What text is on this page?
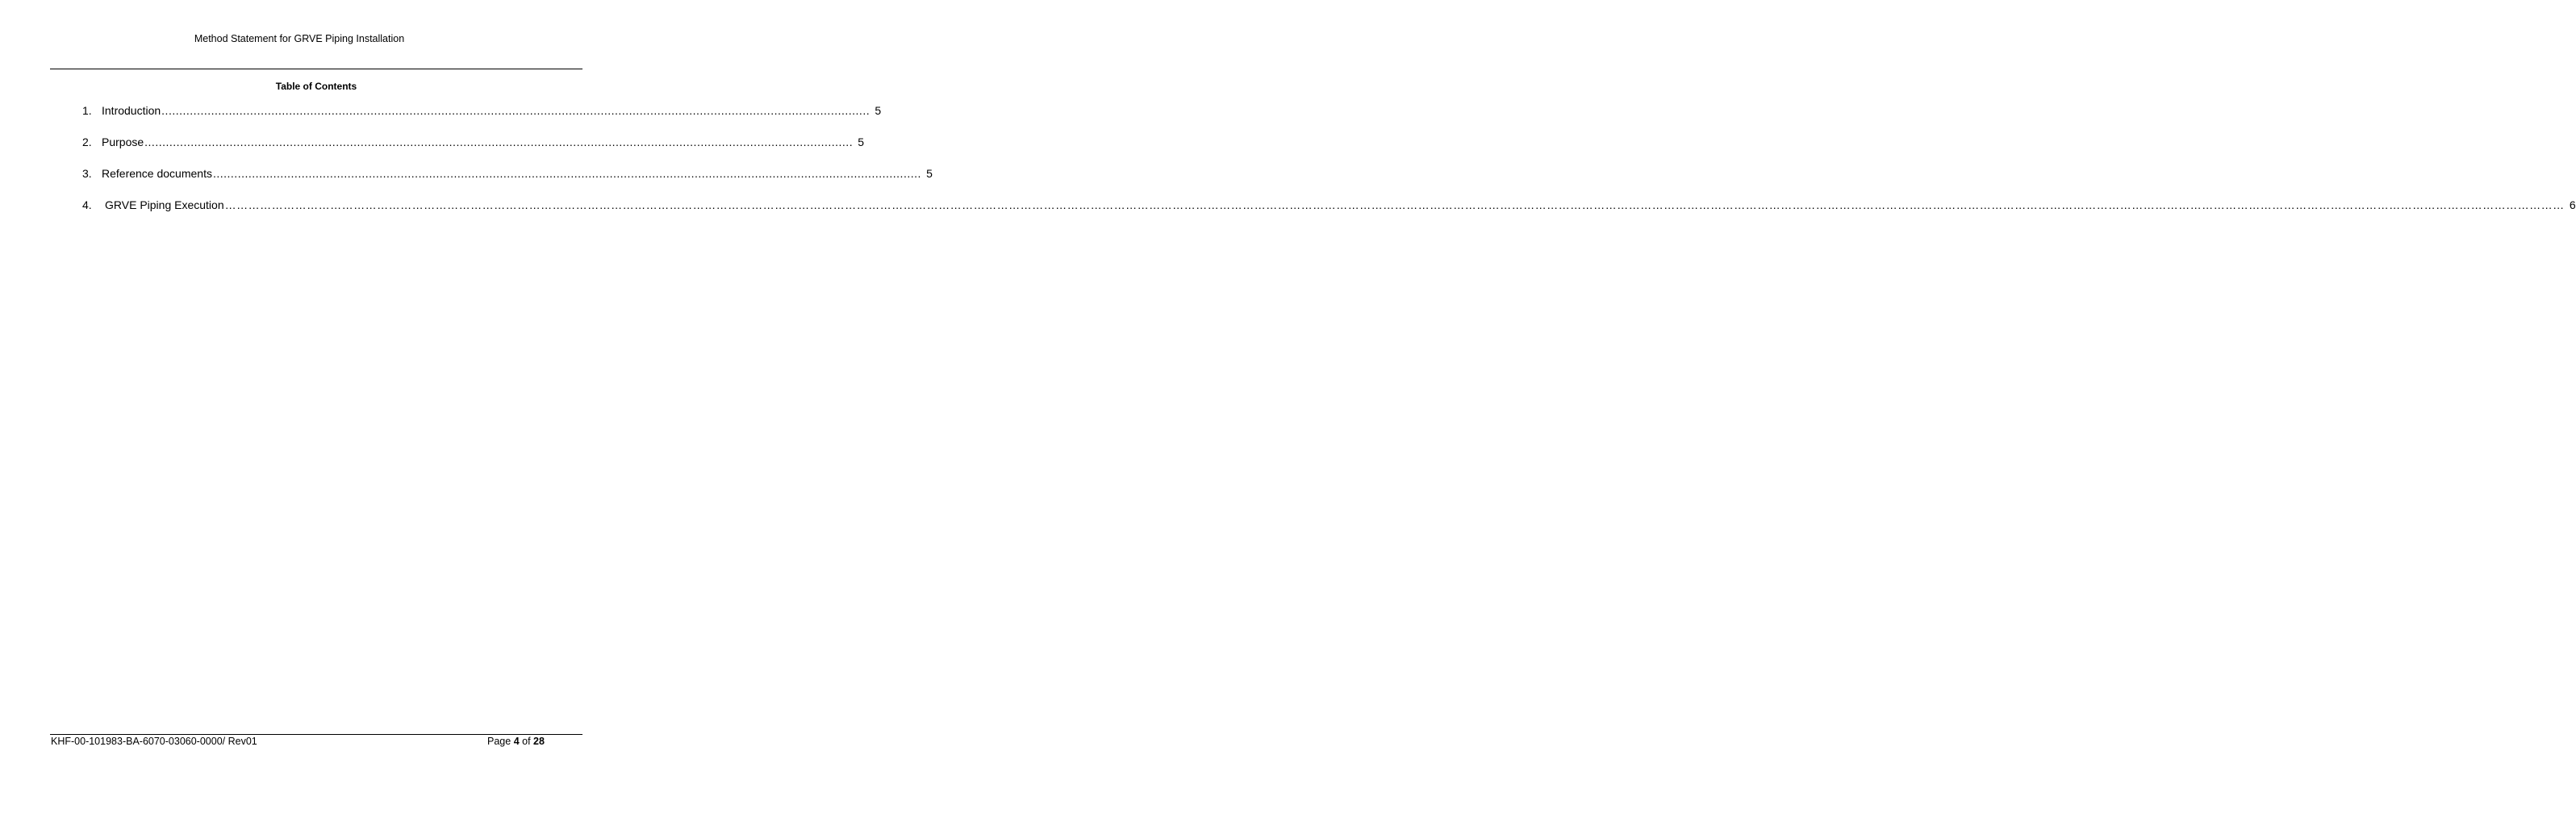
Method Statement for GRVE Piping Installation
Table of Contents
1. Introduction ........................................................................................................................................................................................................ 5
2. Purpose ........................................................................................................................................................................................................ 5
3. Reference documents ........................................................................................................................................................................................................ 5
4.	GRVE Piping Execution …………………………………………………………………………………………………………………………………………………………………………………………………………………………………………………………………………………………………………………………………………………………………………………………………………………………………………………………………………………………………………………………………………………… 6
KHF-00-101983-BA-6070-03060-0000/ Rev01	Page 4 of 28
